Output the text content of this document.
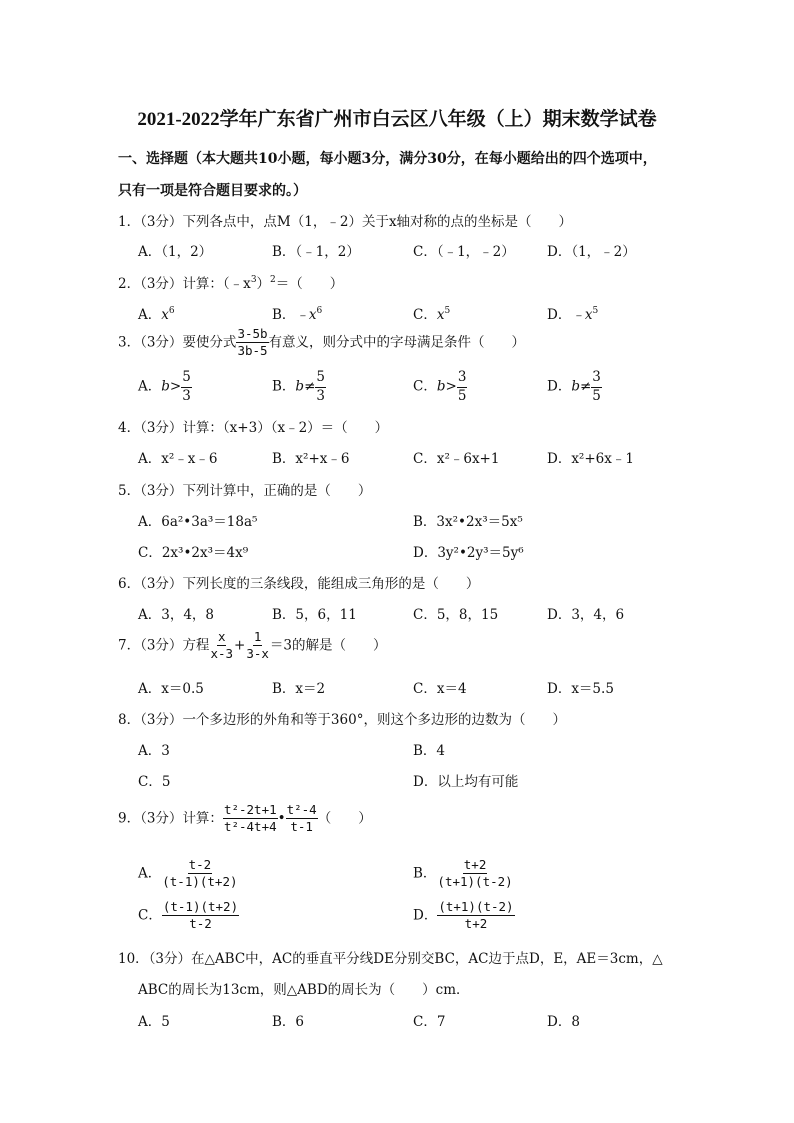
2021-2022学年广东省广州市白云区八年级（上）期末数学试卷
一、选择题（本大题共10小题，每小题3分，满分30分，在每小题给出的四个选项中，
只有一项是符合题目要求的。）
1．（3分）下列各点中，点M（1，﹣2）关于x轴对称的点的坐标是（　　）
A．（1，2）	B．（﹣1，2）	C．（﹣1，﹣2） D．（1，﹣2）
2．（3分）计算：$(﹣x^3)^2=$（　　）
A．$x^6$	B．$﹣x^6$	C．$x^5$	D．$﹣x^5$
3．（3分）要使分式 $\frac{3-5b}{3b-5}$ 有意义，则分式中的字母满足条件（　　）
A．$b> \frac{5}{3}$	B．$b\ne \frac{5}{3}$	C．$b> \frac{3}{5}$	D．$b\ne \frac{3}{5}$
4．（3分）计算：（x+3）（x﹣2）＝（　　）
A．x²﹣x﹣6	B．x²+x﹣6	C．x²﹣6x+1	D．x²+6x﹣1
5．（3分）下列计算中，正确的是（　　）
A．6a²•3a³＝18a⁵	B．3x²•2x³＝5x⁵
C．2x³•2x³＝4x⁹	D．3y²•2y³＝5y⁶
6．（3分）下列长度的三条线段，能组成三角形的是（　　）
A．3，4，8	B．5，6，11	C．5，8，15	D．3，4，6
7．（3分）方程 $\frac{x}{x-3} + \frac{1}{3-x} =3$的解是（　　）
A．x＝0.5	B．x＝2	C．x＝4	D．x＝5.5
8．（3分）一个多边形的外角和等于360°，则这个多边形的边数为（　　）
A．3	B．4
C．5	D．以上均有可能
9．（3分）计算： $\frac{\text{t²-2t+1}}{\text{t²-4t+4}}$ • $\frac{\text{t²-4}}{t-1}$ （　　）
A． $\frac{t-2}{(t-1)(t+2)}$	B． $\frac{t+2}{(t+1)(t-2)}$
C． $\frac{(t-1)(t+2)}{t-2}$	D． $\frac{(t+1)(t-2)}{t+2}$
10．（3分）在△ABC中，AC的垂直平分线DE分别交BC，AC边于点D，E，AE＝3cm，△
ABC的周长为13cm，则△ABD的周长为（　　）cm．
A．5	B．6	C．7	D．8
